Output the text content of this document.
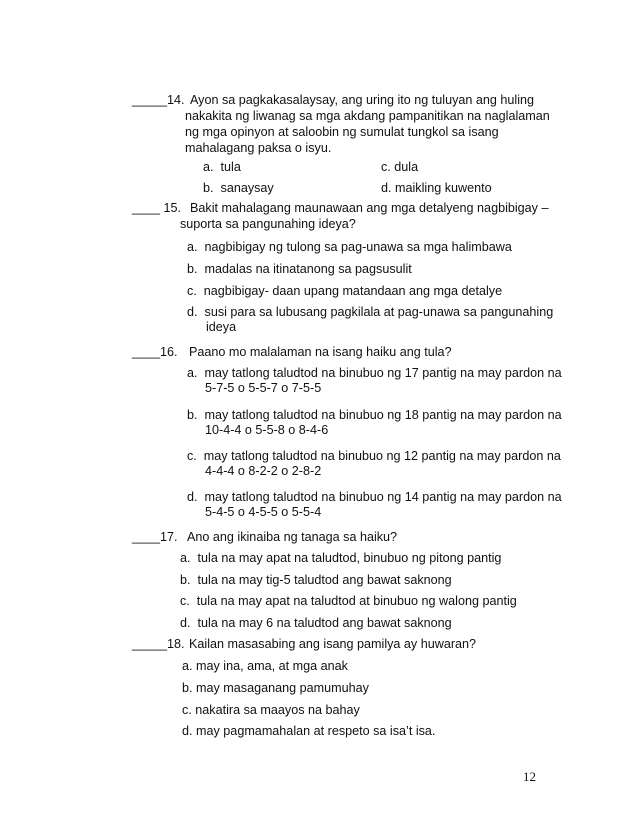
_____14. Ayon sa pagkakasalaysay, ang uring ito ng tuluyan ang huling
nakakita ng liwanag sa mga akdang pampanitikan na naglalaman
ng mga opinyon at saloobin ng sumulat tungkol sa isang
mahalagang paksa o isyu.
a. tula	c. dula
b. sanaysay	d. maikling kuwento
____ 15. Bakit mahalagang maunawaan ang mga detalyeng nagbibigay –
suporta sa pangunahing ideya?
a. nagbibigay ng tulong sa pag-unawa sa mga halimbawa
b. madalas na itinatanong sa pagsusulit
c. nagbibigay- daan upang matandaan ang mga detalye
d. susi para sa lubusang pagkilala at pag-unawa sa pangunahing
ideya
____16. Paano mo malalaman na isang haiku ang tula?
a. may tatlong taludtod na binubuo ng 17 pantig na may pardon na
5-7-5 o 5-5-7 o 7-5-5
b. may tatlong taludtod na binubuo ng 18 pantig na may pardon na
10-4-4 o 5-5-8 o 8-4-6
c. may tatlong taludtod na binubuo ng 12 pantig na may pardon na
4-4-4 o 8-2-2 o 2-8-2
d. may tatlong taludtod na binubuo ng 14 pantig na may pardon na
5-4-5 o 4-5-5 o 5-5-4
____17. Ano ang ikinaiba ng tanaga sa haiku?
a. tula na may apat na taludtod, binubuo ng pitong pantig
b. tula na may tig-5 taludtod ang bawat saknong
c. tula na may apat na taludtod at binubuo ng walong pantig
d. tula na may 6 na taludtod ang bawat saknong
_____18. Kailan masasabing ang isang pamilya ay huwaran?
a. may ina, ama, at mga anak
b. may masaganang pamumuhay
c. nakatira sa maayos na bahay
d. may pagmamahalan at respeto sa isa’t isa.
12
